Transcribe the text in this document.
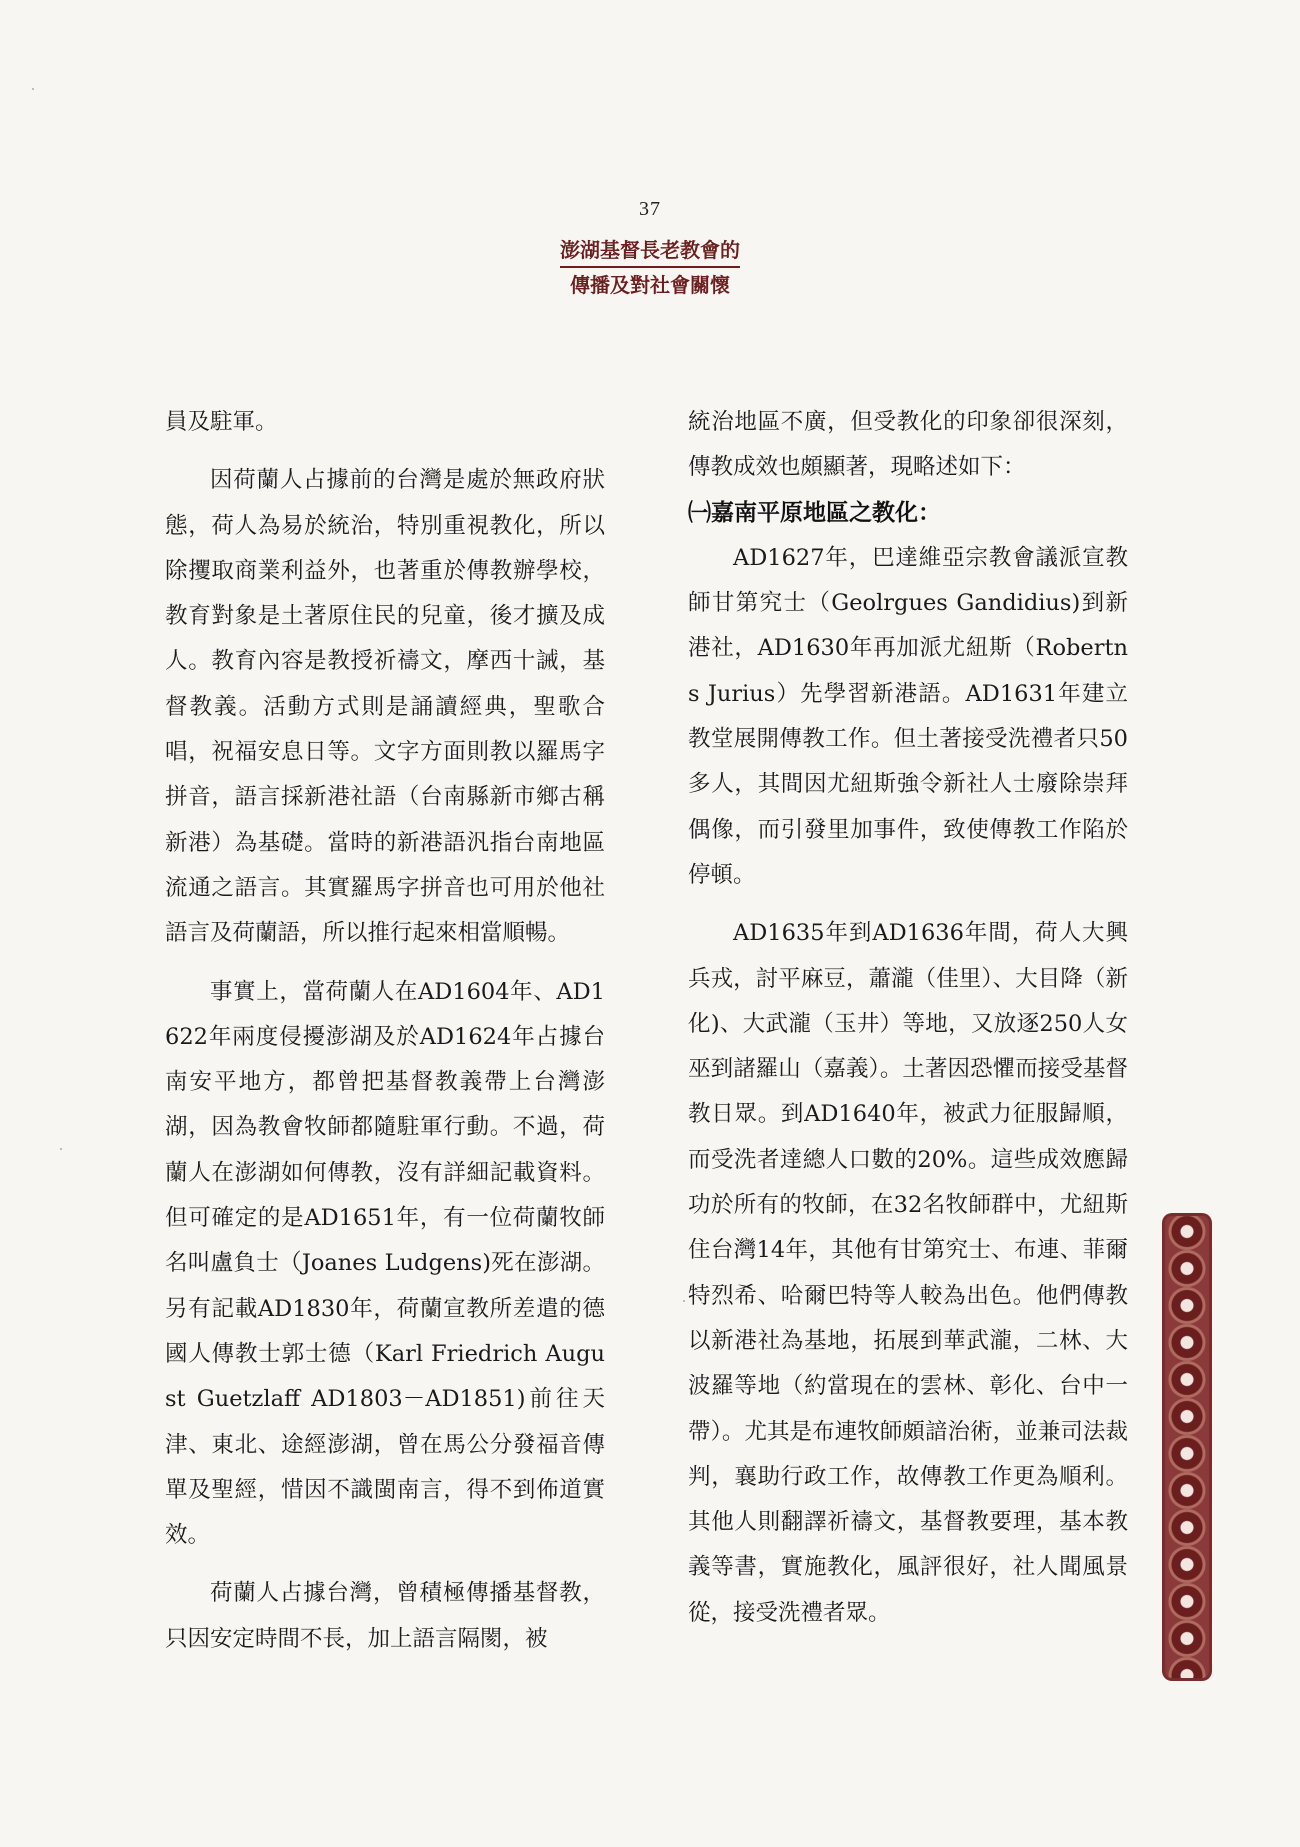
37
澎湖基督長老教會的
傳播及對社會關懷

員及駐軍。

因荷蘭人占據前的台灣是處於無政府狀態，荷人為易於統治，特別重視教化，所以除攫取商業利益外，也著重於傳教辦學校，教育對象是土著原住民的兒童，後才擴及成人。教育內容是教授祈禱文，摩西十誡，基督教義。活動方式則是誦讀經典，聖歌合唱，祝福安息日等。文字方面則教以羅馬字拼音，語言採新港社語（台南縣新市鄉古稱新港）為基礎。當時的新港語汎指台南地區流通之語言。其實羅馬字拼音也可用於他社語言及荷蘭語，所以推行起來相當順暢。

事實上，當荷蘭人在AD1604年、AD1622年兩度侵擾澎湖及於AD1624年占據台南安平地方，都曾把基督教義帶上台灣澎湖，因為教會牧師都隨駐軍行動。不過，荷蘭人在澎湖如何傳教，沒有詳細記載資料。但可確定的是AD1651年，有一位荷蘭牧師名叫盧負士（Joanes Ludgens)死在澎湖。另有記載AD1830年，荷蘭宣教所差遣的德國人傳教士郭士德（Karl Friedrich August Guetzlaff AD1803－AD1851)前往天津、東北、途經澎湖，曾在馬公分發福音傳單及聖經，惜因不識閩南言，得不到佈道實效。

荷蘭人占據台灣，曾積極傳播基督教，只因安定時間不長，加上語言隔閡，被

統治地區不廣，但受教化的印象卻很深刻，傳教成效也頗顯著，現略述如下：

㈠嘉南平原地區之教化：

AD1627年，巴達維亞宗教會議派宣教師甘第究士（Geolrgues Gandidius)到新港社，AD1630年再加派尤紐斯（Robertns Jurius）先學習新港語。AD1631年建立教堂展開傳教工作。但土著接受洗禮者只50多人，其間因尤紐斯強令新社人士廢除崇拜偶像，而引發里加事件，致使傳教工作陷於停頓。

AD1635年到AD1636年間，荷人大興兵戎，討平麻豆，蕭瀧（佳里）、大目降（新化)、大武瀧（玉井）等地，又放逐250人女巫到諸羅山（嘉義）。土著因恐懼而接受基督教日眾。到AD1640年，被武力征服歸順，而受洗者達總人口數的20%。這些成效應歸功於所有的牧師，在32名牧師群中，尤紐斯住台灣14年，其他有甘第究士、布連、菲爾特烈希、哈爾巴特等人較為出色。他們傳教以新港社為基地，拓展到華武瀧，二林、大波羅等地（約當現在的雲林、彰化、台中一帶）。尤其是布連牧師頗諳治術，並兼司法裁判，襄助行政工作，故傳教工作更為順利。其他人則翻譯祈禱文，基督教要理，基本教義等書，實施教化，風評很好，社人聞風景從，接受洗禮者眾。
